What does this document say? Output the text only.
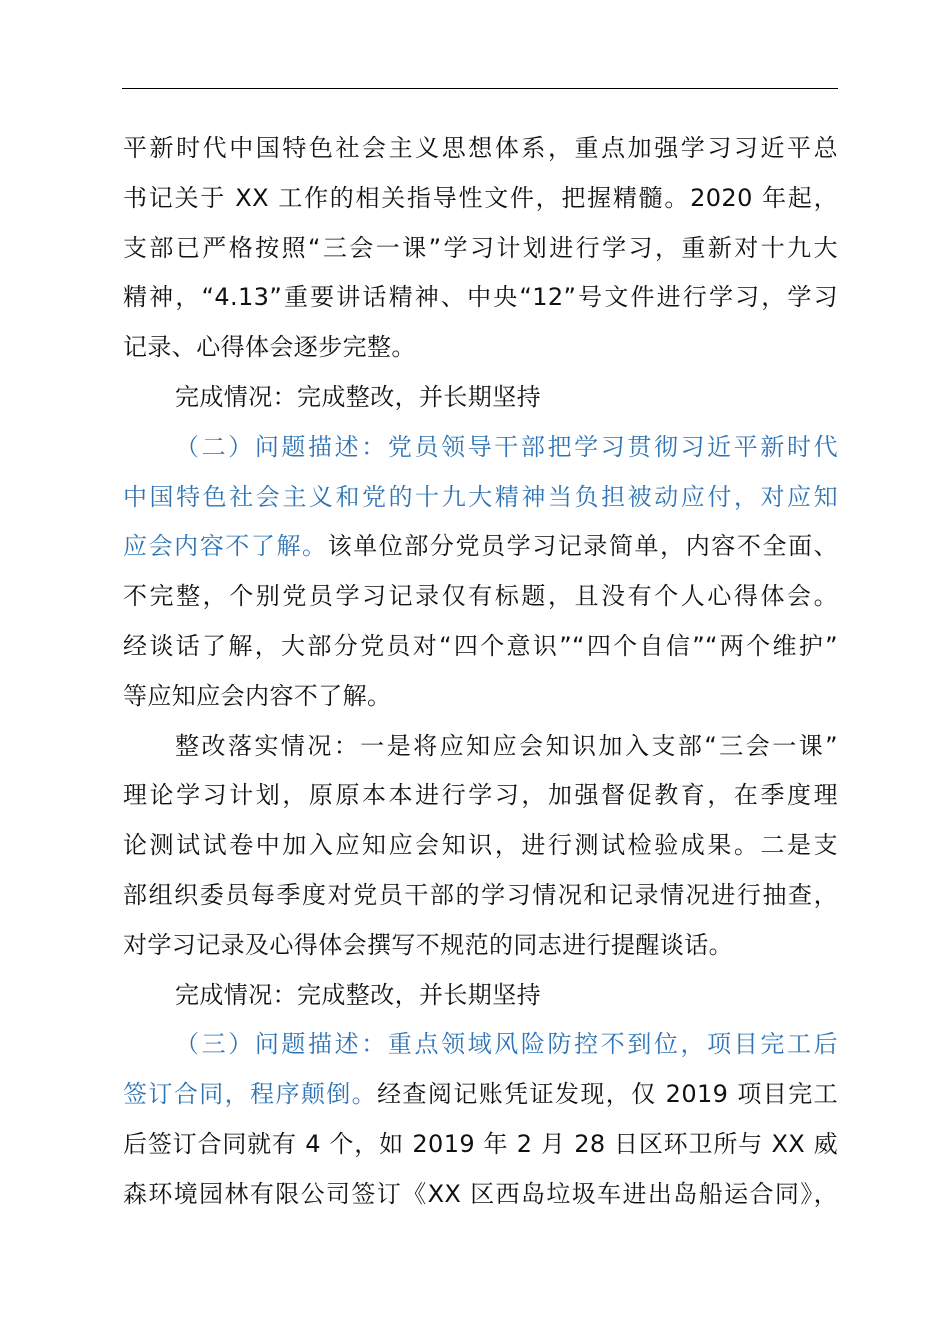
平新时代中国特色社会主义思想体系，重点加强学习习近平总
书记关于 XX 工作的相关指导性文件，把握精髓。2020 年起，
支部已严格按照“三会一课”学习计划进行学习，重新对十九大
精神，“4.13”重要讲话精神、中央“12”号文件进行学习，学习
记录、心得体会逐步完整。
完成情况：完成整改，并长期坚持
（二）问题描述：党员领导干部把学习贯彻习近平新时代
中国特色社会主义和党的十九大精神当负担被动应付，对应知
应会内容不了解。该单位部分党员学习记录简单，内容不全面、
不完整，个别党员学习记录仅有标题，且没有个人心得体会。
经谈话了解，大部分党员对“四个意识”“四个自信”“两个维护”
等应知应会内容不了解。
整改落实情况：一是将应知应会知识加入支部“三会一课”
理论学习计划，原原本本进行学习，加强督促教育，在季度理
论测试试卷中加入应知应会知识，进行测试检验成果。二是支
部组织委员每季度对党员干部的学习情况和记录情况进行抽查，
对学习记录及心得体会撰写不规范的同志进行提醒谈话。
完成情况：完成整改，并长期坚持
（三）问题描述：重点领域风险防控不到位，项目完工后
签订合同，程序颠倒。经查阅记账凭证发现，仅 2019 项目完工
后签订合同就有 4 个，如 2019 年 2 月 28 日区环卫所与 XX 威
森环境园林有限公司签订《XX 区西岛垃圾车进出岛船运合同》，
